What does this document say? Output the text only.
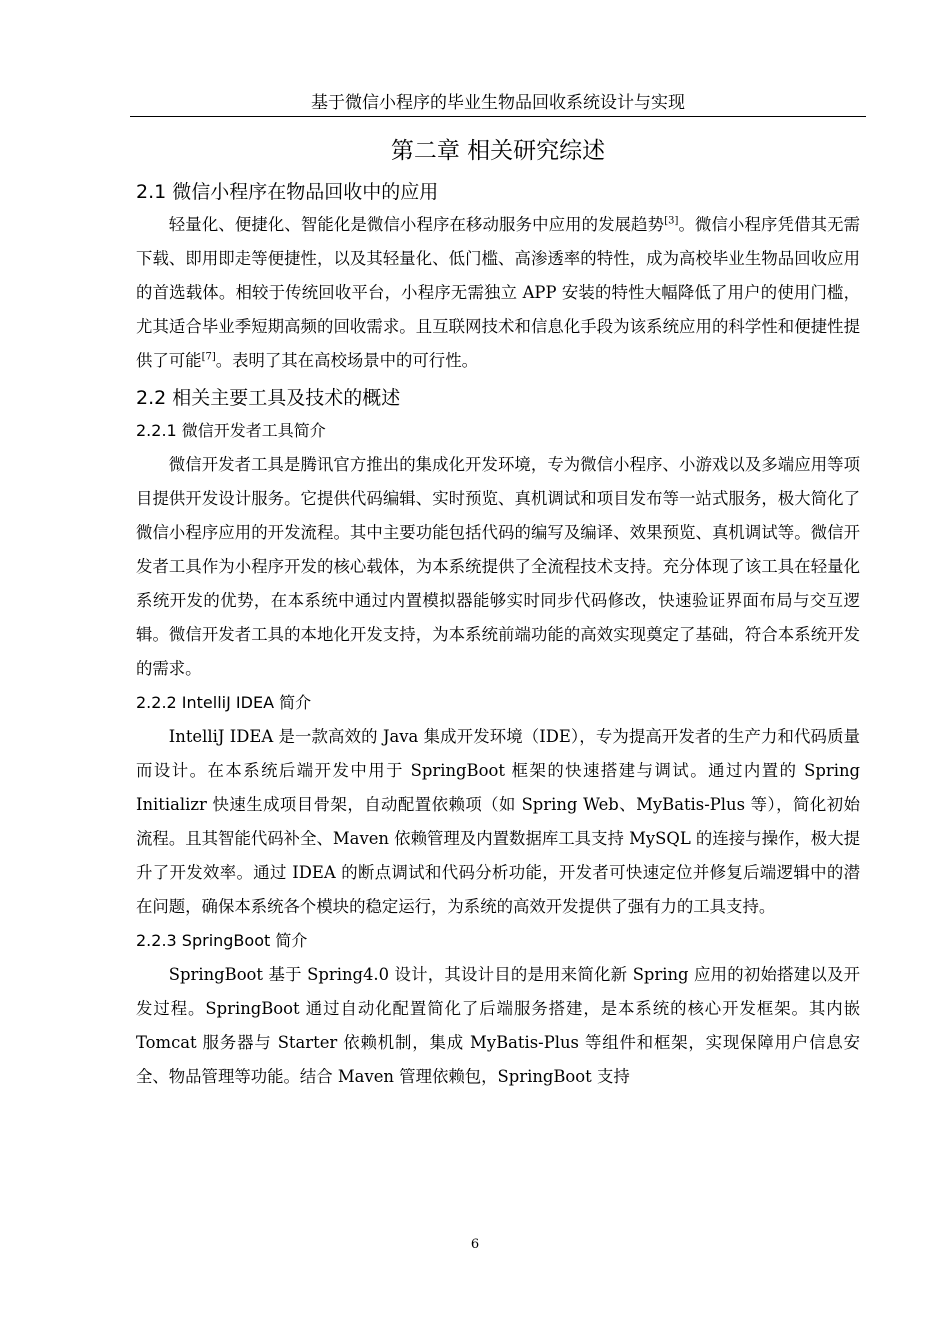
基于微信小程序的毕业生物品回收系统设计与实现
第二章 相关研究综述
2.1 微信小程序在物品回收中的应用

轻量化、便捷化、智能化是微信小程序在移动服务中应用的发展趋势[3]。微信小程序凭借其无需下载、即用即走等便捷性，以及其轻量化、低门槛、高渗透率的特性，成为高校毕业生物品回收应用的首选载体。相较于传统回收平台，小程序无需独立 APP 安装的特性大幅降低了用户的使用门槛，尤其适合毕业季短期高频的回收需求。且互联网技术和信息化手段为该系统应用的科学性和便捷性提供了可能[7]。表明了其在高校场景中的可行性。

2.2 相关主要工具及技术的概述
2.2.1 微信开发者工具简介

微信开发者工具是腾讯官方推出的集成化开发环境，专为微信小程序、小游戏以及多端应用等项目提供开发设计服务。它提供代码编辑、实时预览、真机调试和项目发布等一站式服务，极大简化了微信小程序应用的开发流程。其中主要功能包括代码的编写及编译、效果预览、真机调试等。微信开发者工具作为小程序开发的核心载体，为本系统提供了全流程技术支持。充分体现了该工具在轻量化系统开发的优势，在本系统中通过内置模拟器能够实时同步代码修改，快速验证界面布局与交互逻辑。微信开发者工具的本地化开发支持，为本系统前端功能的高效实现奠定了基础，符合本系统开发的需求。

2.2.2 IntelliJ IDEA 简介

IntelliJ IDEA 是一款高效的 Java 集成开发环境（IDE），专为提高开发者的生产力和代码质量而设计。在本系统后端开发中用于 SpringBoot 框架的快速搭建与调试。通过内置的 Spring Initializr 快速生成项目骨架，自动配置依赖项（如 Spring Web、MyBatis-Plus 等），简化初始流程。且其智能代码补全、Maven 依赖管理及内置数据库工具支持 MySQL 的连接与操作，极大提升了开发效率。通过 IDEA 的断点调试和代码分析功能，开发者可快速定位并修复后端逻辑中的潜在问题，确保本系统各个模块的稳定运行，为系统的高效开发提供了强有力的工具支持。

2.2.3 SpringBoot 简介

SpringBoot 基于 Spring4.0 设计，其设计目的是用来简化新 Spring 应用的初始搭建以及开发过程。SpringBoot 通过自动化配置简化了后端服务搭建，是本系统的核心开发框架。其内嵌 Tomcat 服务器与 Starter 依赖机制，集成 MyBatis-Plus 等组件和框架，实现保障用户信息安全、物品管理等功能。结合 Maven 管理依赖包，SpringBoot 支持

6
